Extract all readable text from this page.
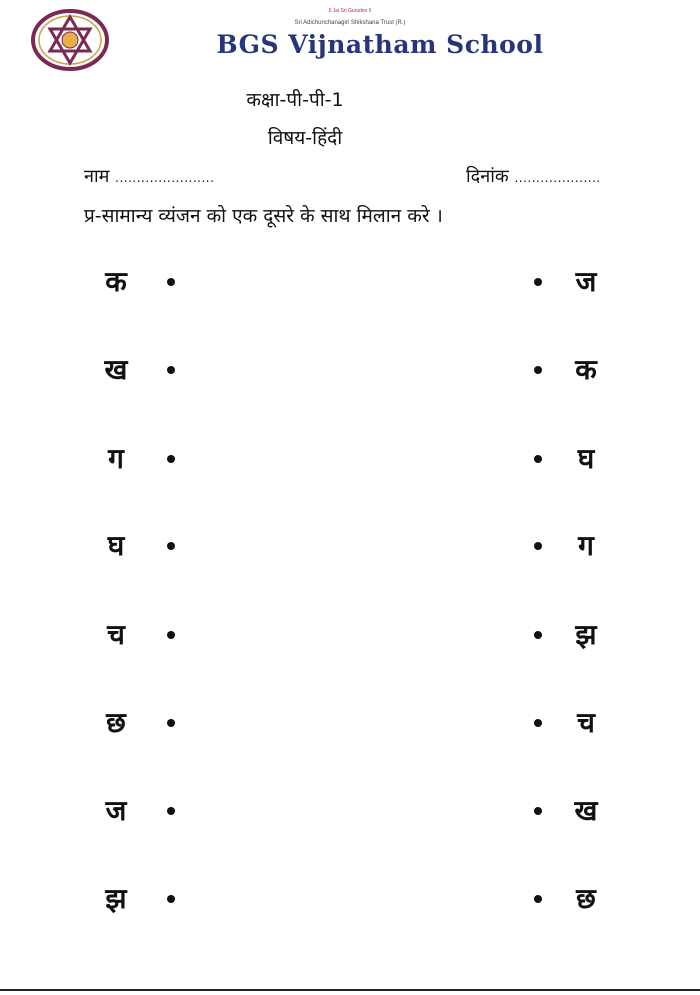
ll Jai Sri Gurudev ll
Sri Adichunchanagiri Shikshana Trust (R.)
BGS Vijnatham School
कक्षा-पी-पी-1
विषय-हिंदी
नाम .......................	दिनांक ....................
प्र-सामान्य व्यंजन को एक दूसरे के साथ मिलान करे ।
क	ज
ख	क
ग	घ
घ	ग
च	झ
छ	च
ज	ख
झ	छ
